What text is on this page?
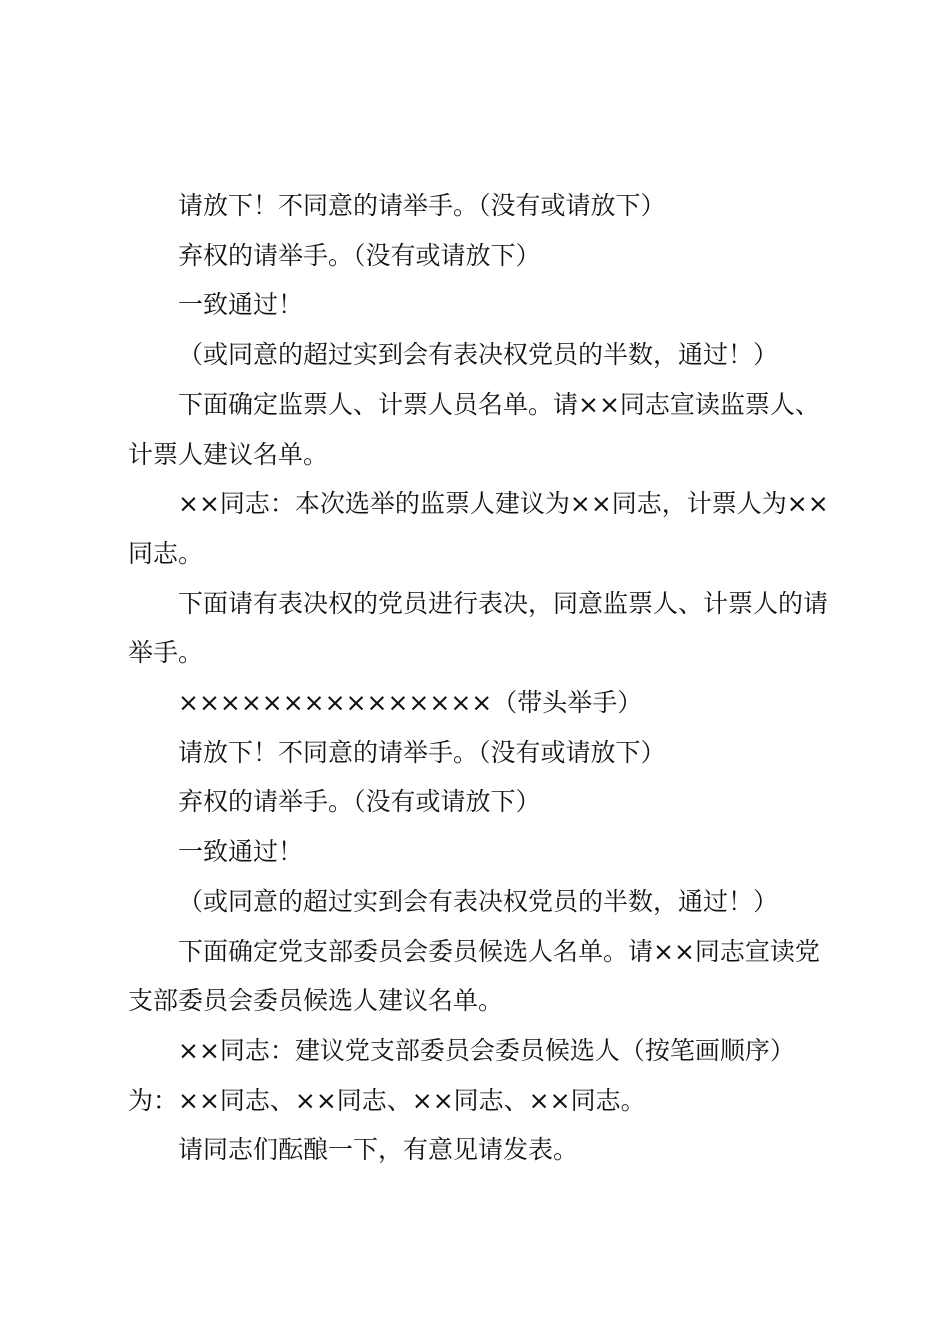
请放下！不同意的请举手。（没有或请放下）

弃权的请举手。（没有或请放下）

一致通过！

（或同意的超过实到会有表决权党员的半数，通过！）

下面确定监票人、计票人员名单。请××同志宣读监票人、计票人建议名单。

××同志：本次选举的监票人建议为××同志，计票人为××同志。

下面请有表决权的党员进行表决，同意监票人、计票人的请举手。

×××××××××××××××（带头举手）

请放下！不同意的请举手。（没有或请放下）

弃权的请举手。（没有或请放下）

一致通过！

（或同意的超过实到会有表决权党员的半数，通过！）

下面确定党支部委员会委员候选人名单。请××同志宣读党支部委员会委员候选人建议名单。

××同志：建议党支部委员会委员候选人（按笔画顺序）为：××同志、××同志、××同志、××同志。

请同志们酝酿一下，有意见请发表。
